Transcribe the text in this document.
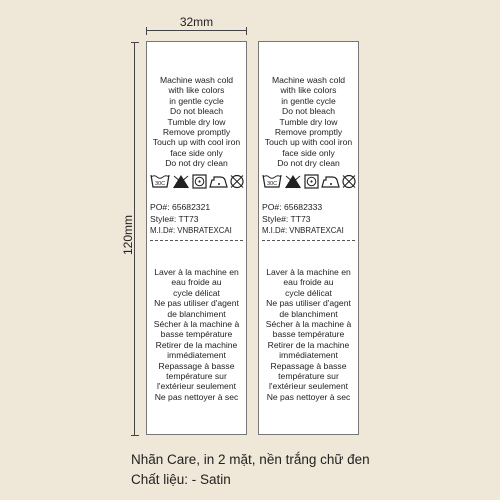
32mm
120mm
Machine wash cold
with like colors
in gentle cycle
Do not bleach
Tumble dry low
Remove promptly
Touch up with cool iron
face side only
Do not dry clean
30C
PO#: 65682321
Style#: TT73
M.I.D#: VNBRATEXCAI
Laver à la machine en
eau froide au
cycle délicat
Ne pas utiliser d'agent
de blanchiment
Sécher à la machine à
basse température
Retirer de la machine
immédiatement
Repassage à basse
température sur
l'extérieur seulement
Ne pas nettoyer à sec
Machine wash cold
with like colors
in gentle cycle
Do not bleach
Tumble dry low
Remove promptly
Touch up with cool iron
face side only
Do not dry clean
30C
PO#: 65682333
Style#: TT73
M.I.D#: VNBRATEXCAI
Laver à la machine en
eau froide au
cycle délicat
Ne pas utiliser d'agent
de blanchiment
Sécher à la machine à
basse température
Retirer de la machine
immédiatement
Repassage à basse
température sur
l'extérieur seulement
Ne pas nettoyer à sec
Nhãn Care, in 2 mặt, nền trắng chữ đen
Chất liệu: - Satin
